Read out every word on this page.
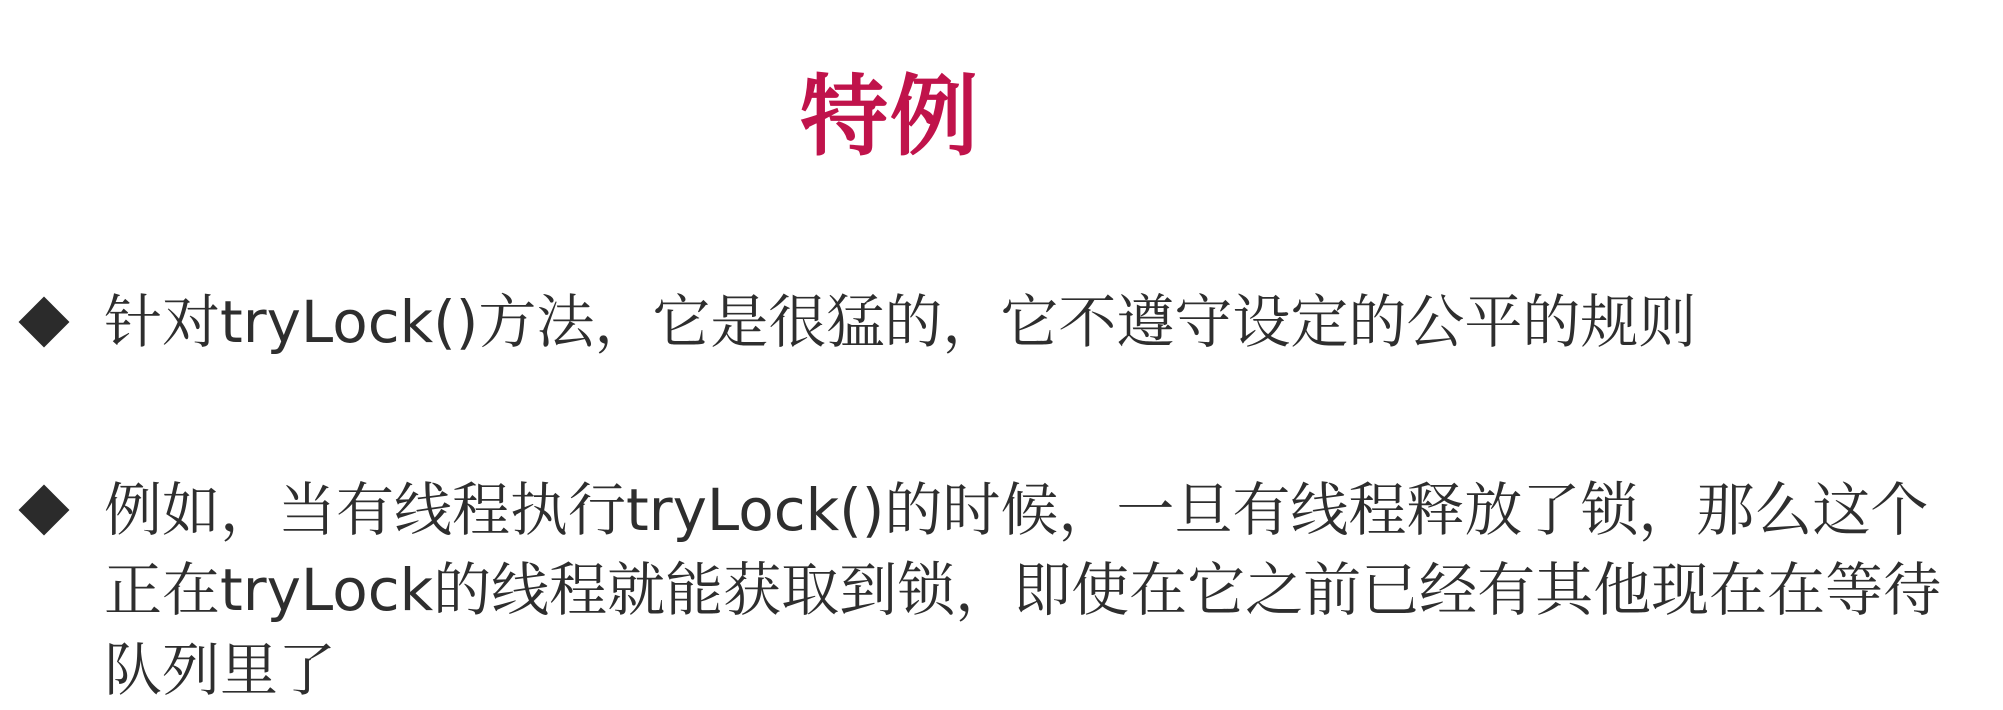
特例
针对tryLock()方法，它是很猛的，它不遵守设定的公平的规则
例如，当有线程执行tryLock()的时候，一旦有线程释放了锁，那么这个正在tryLock的线程就能获取到锁，即使在它之前已经有其他现在在等待队列里了
